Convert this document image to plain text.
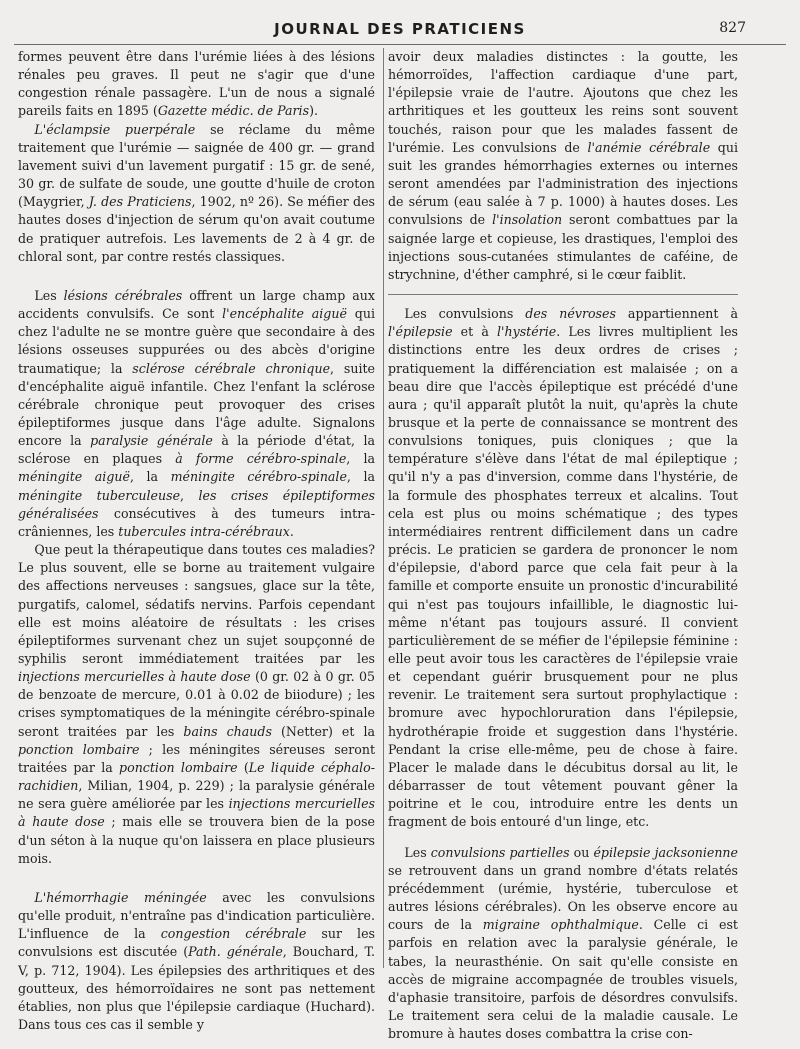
JOURNAL DES PRATICIENS	827

formes peuvent être dans l'urémie liées à des lésions rénales peu graves. Il peut ne s'agir que d'une congestion rénale passagère. L'un de nous a signalé pareils faits en 1895 (Gazette médic. de Paris).

L'éclampsie puerpérale se réclame du même traitement que l'urémie — saignée de 400 gr. — grand lavement suivi d'un lavement purgatif : 15 gr. de sené, 30 gr. de sulfate de soude, une goutte d'huile de croton (Maygrier, J. des Praticiens, 1902, nº 26). Se méfier des hautes doses d'injection de sérum qu'on avait coutume de pratiquer autrefois. Les lavements de 2 à 4 gr. de chloral sont, par contre restés classiques.

Les lésions cérébrales offrent un large champ aux accidents convulsifs. Ce sont l'encéphalite aiguë qui chez l'adulte ne se montre guère que secondaire à des lésions osseuses suppurées ou des abcès d'origine traumatique; la sclérose cérébrale chronique, suite d'encéphalite aiguë infantile. Chez l'enfant la sclérose cérébrale chronique peut provoquer des crises épileptiformes jusque dans l'âge adulte. Signalons encore la paralysie générale à la période d'état, la sclérose en plaques à forme cérébro-spinale, la méningite aiguë, la méningite cérébro-spinale, la méningite tuberculeuse, les crises épileptiformes généralisées consécutives à des tumeurs intra-crâniennes, les tubercules intra-cérébraux.

Que peut la thérapeutique dans toutes ces maladies? Le plus souvent, elle se borne au traitement vulgaire des affections nerveuses : sangsues, glace sur la tête, purgatifs, calomel, sédatifs nervins. Parfois cependant elle est moins aléatoire de résultats : les crises épileptiformes survenant chez un sujet soupçonné de syphilis seront immédiatement traitées par les injections mercurielles à haute dose (0 gr. 02 à 0 gr. 05 de benzoate de mercure, 0.01 à 0.02 de biiodure) ; les crises symptomatiques de la méningite cérébro-spinale seront traitées par les bains chauds (Netter) et la ponction lombaire ; les méningites séreuses seront traitées par la ponction lombaire (Le liquide céphalo-rachidien, Milian, 1904, p. 229) ; la paralysie générale ne sera guère améliorée par les injections mercurielles à haute dose ; mais elle se trouvera bien de la pose d'un séton à la nuque qu'on laissera en place plusieurs mois.

L'hémorrhagie méningée avec les convulsions qu'elle produit, n'entraîne pas d'indication particulière. L'influence de la congestion cérébrale sur les convulsions est discutée (Path. générale, Bouchard, T. V, p. 712, 1904). Les épilepsies des arthritiques et des goutteux, des hémorroïdaires ne sont pas nettement établies, non plus que l'épilepsie cardiaque (Huchard). Dans tous ces cas il semble y

avoir deux maladies distinctes : la goutte, les hémorroïdes, l'affection cardiaque d'une part, l'épilepsie vraie de l'autre. Ajoutons que chez les arthritiques et les goutteux les reins sont souvent touchés, raison pour que les malades fassent de l'urémie. Les convulsions de l'anémie cérébrale qui suit les grandes hémorrhagies externes ou internes seront amendées par l'administration des injections de sérum (eau salée à 7 p. 1000) à hautes doses. Les convulsions de l'insolation seront combattues par la saignée large et copieuse, les drastiques, l'emploi des injections sous-cutanées stimulantes de caféine, de strychnine, d'éther camphré, si le cœur faiblit.

Les convulsions des névroses appartiennent à l'épilepsie et à l'hystérie. Les livres multiplient les distinctions entre les deux ordres de crises ; pratiquement la différenciation est malaisée ; on a beau dire que l'accès épileptique est précédé d'une aura ; qu'il apparaît plutôt la nuit, qu'après la chute brusque et la perte de connaissance se montrent des convulsions toniques, puis cloniques ; que la température s'élève dans l'état de mal épileptique ; qu'il n'y a pas d'inversion, comme dans l'hystérie, de la formule des phosphates terreux et alcalins. Tout cela est plus ou moins schématique ; des types intermédiaires rentrent difficilement dans un cadre précis. Le praticien se gardera de prononcer le nom d'épilepsie, d'abord parce que cela fait peur à la famille et comporte ensuite un pronostic d'incurabilité qui n'est pas toujours infaillible, le diagnostic lui-même n'étant pas toujours assuré. Il convient particulièrement de se méfier de l'épilepsie féminine : elle peut avoir tous les caractères de l'épilepsie vraie et cependant guérir brusquement pour ne plus revenir. Le traitement sera surtout prophylactique : bromure avec hypochloruration dans l'épilepsie, hydrothérapie froide et suggestion dans l'hystérie. Pendant la crise elle-même, peu de chose à faire. Placer le malade dans le décubitus dorsal au lit, le débarrasser de tout vêtement pouvant gêner la poitrine et le cou, introduire entre les dents un fragment de bois entouré d'un linge, etc.

Les convulsions partielles ou épilepsie jacksonienne se retrouvent dans un grand nombre d'états relatés précédemment (urémie, hystérie, tuberculose et autres lésions cérébrales). On les observe encore au cours de la migraine ophthalmique. Celle ci est parfois en relation avec la paralysie générale, le tabes, la neurasthénie. On sait qu'elle consiste en accès de migraine accompagnée de troubles visuels, d'aphasie transitoire, parfois de désordres convulsifs. Le traitement sera celui de la maladie causale. Le bromure à hautes doses combattra la crise con-
